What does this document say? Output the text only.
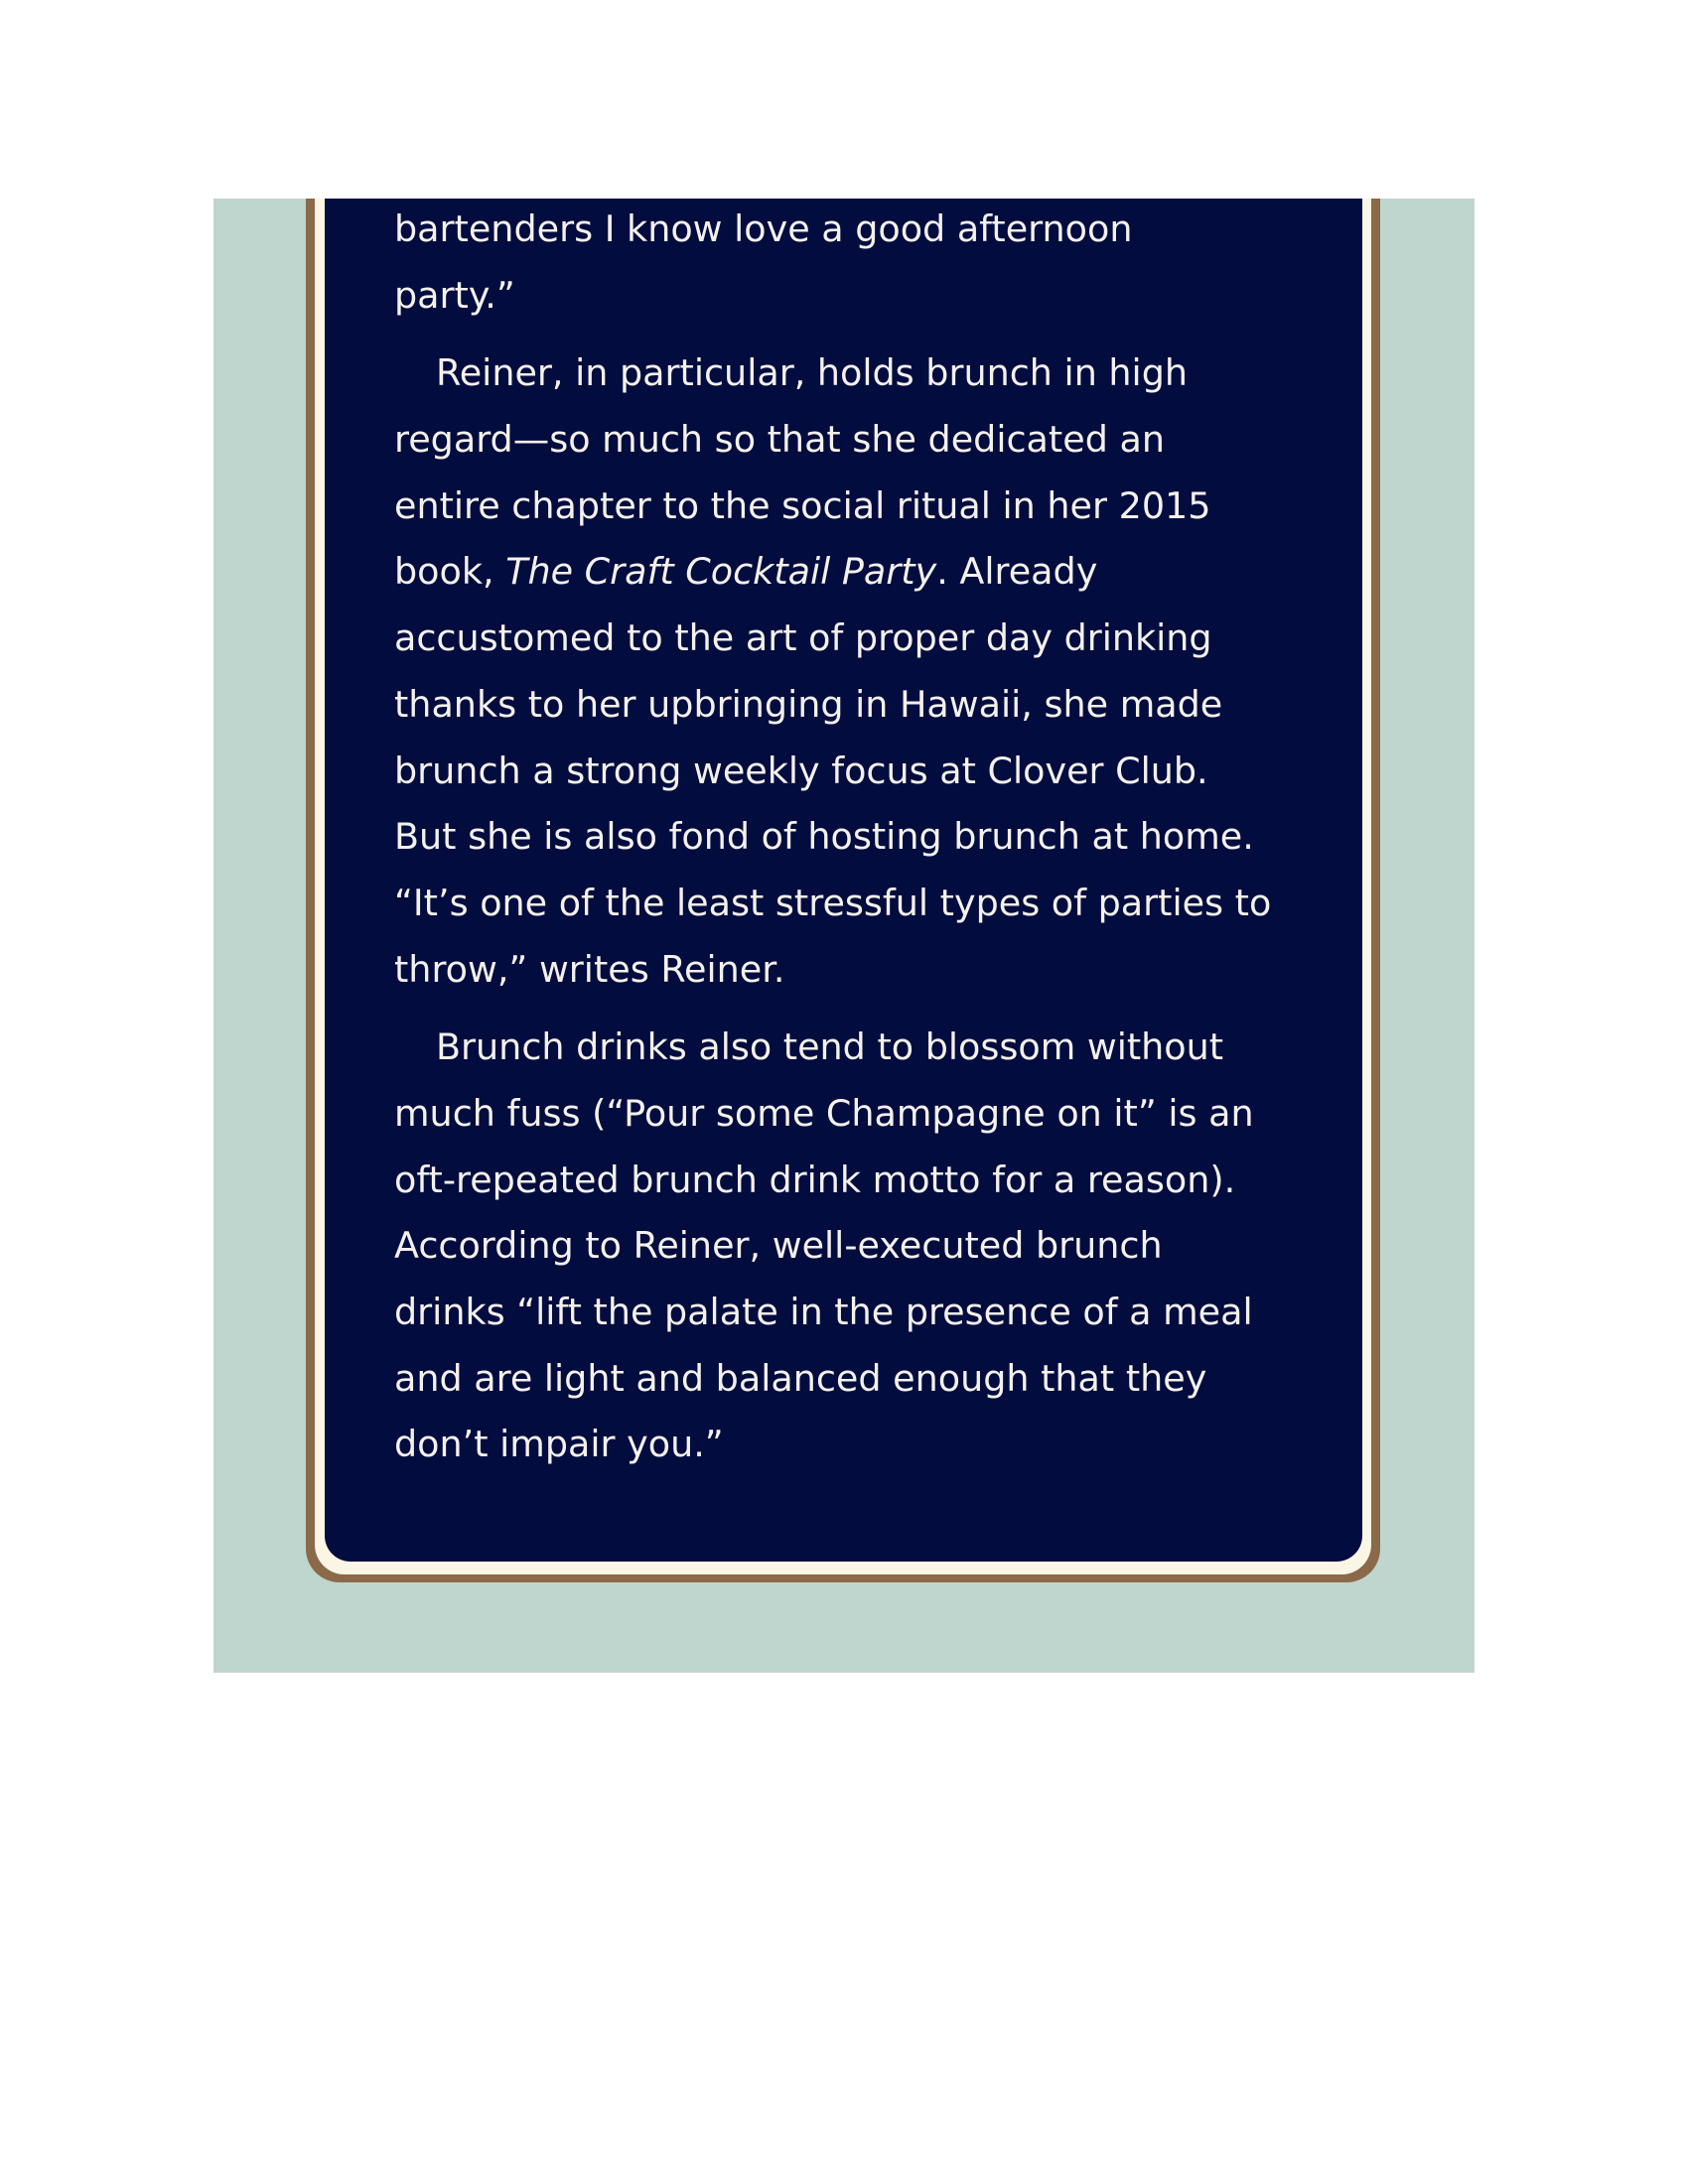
bartenders I know love a good afternoon
party.”

Reiner, in particular, holds brunch in high
regard—so much so that she dedicated an
entire chapter to the social ritual in her 2015
book, The Craft Cocktail Party. Already
accustomed to the art of proper day drinking
thanks to her upbringing in Hawaii, she made
brunch a strong weekly focus at Clover Club.
But she is also fond of hosting brunch at home.
“It’s one of the least stressful types of parties to
throw,” writes Reiner.

Brunch drinks also tend to blossom without
much fuss (“Pour some Champagne on it” is an
oft-repeated brunch drink motto for a reason).
According to Reiner, well-executed brunch
drinks “lift the palate in the presence of a meal
and are light and balanced enough that they
don’t impair you.”
